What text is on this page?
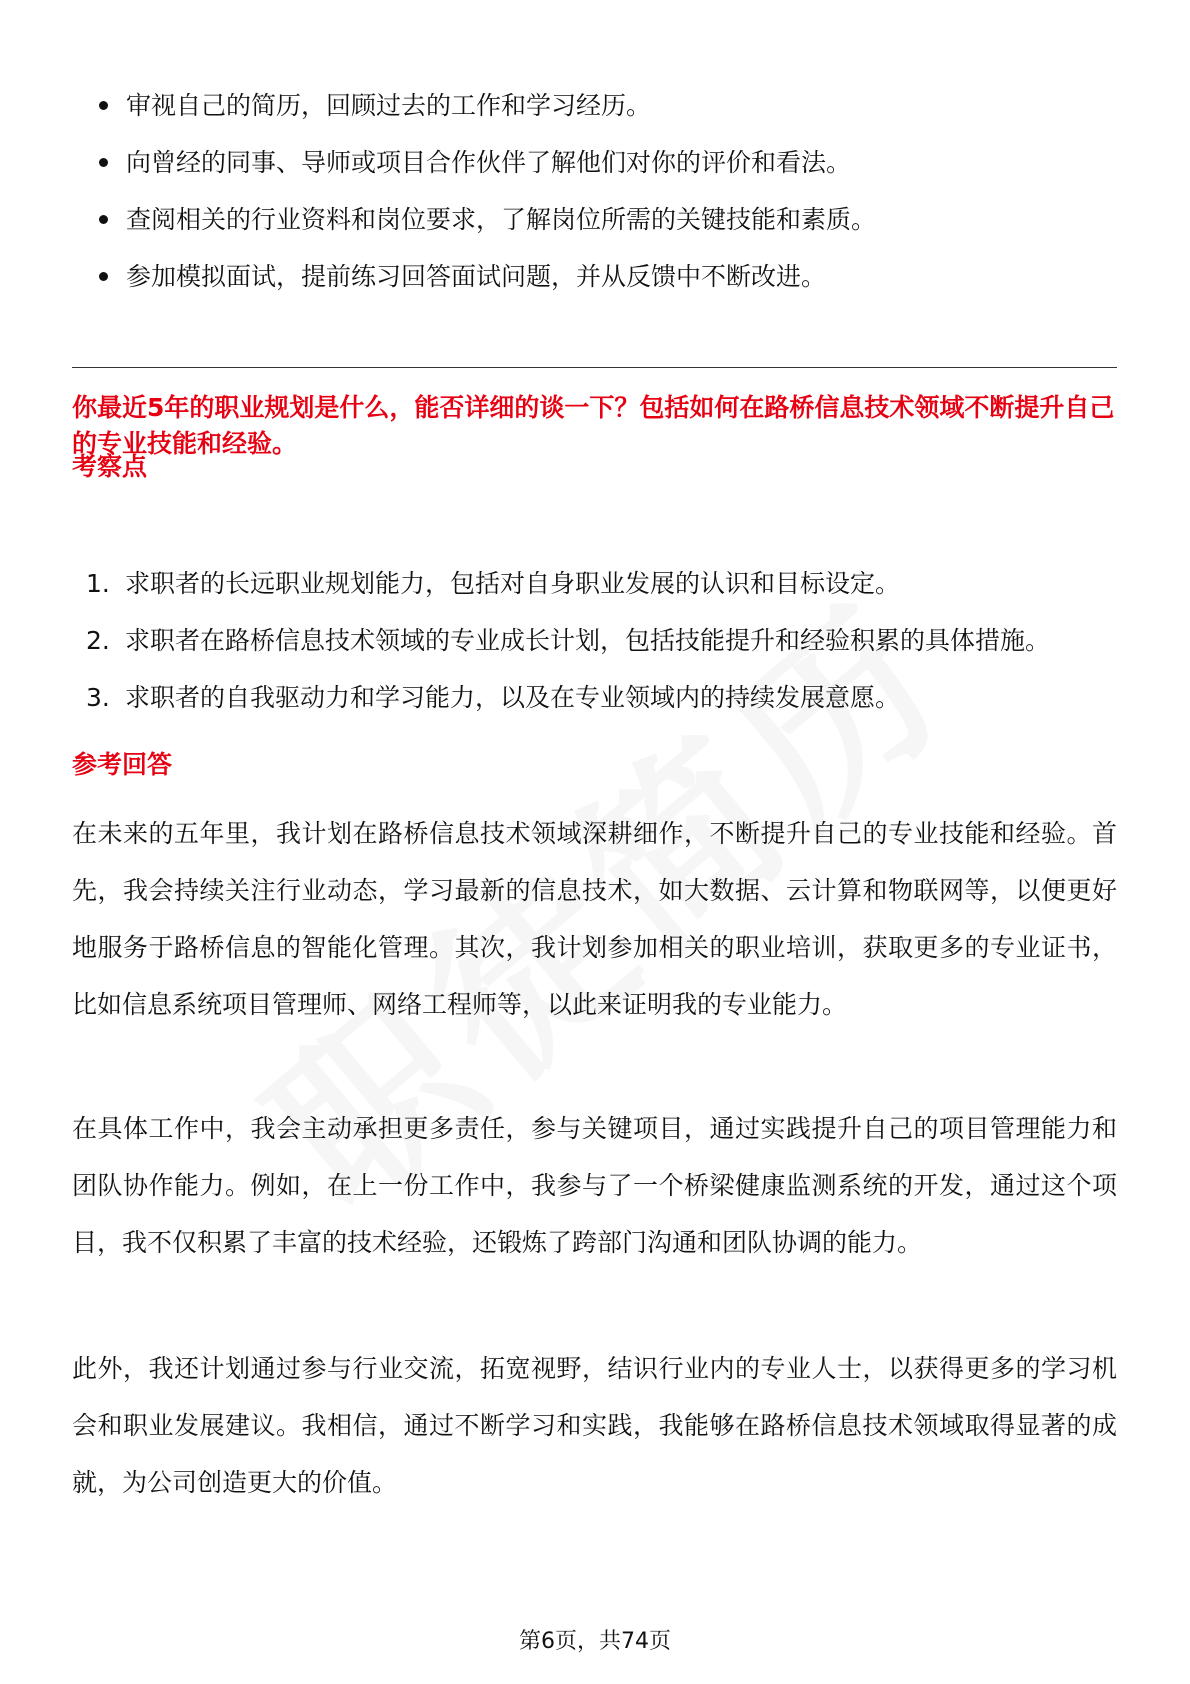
审视自己的简历，回顾过去的工作和学习经历。
向曾经的同事、导师或项目合作伙伴了解他们对你的评价和看法。
查阅相关的行业资料和岗位要求，了解岗位所需的关键技能和素质。
参加模拟面试，提前练习回答面试问题，并从反馈中不断改进。

你最近5年的职业规划是什么，能否详细的谈一下？包括如何在路桥信息技术领域不断提升自己的专业技能和经验。

考察点
1. 求职者的长远职业规划能力，包括对自身职业发展的认识和目标设定。
2. 求职者在路桥信息技术领域的专业成长计划，包括技能提升和经验积累的具体措施。
3. 求职者的自我驱动力和学习能力，以及在专业领域内的持续发展意愿。
参考回答

在未来的五年里，我计划在路桥信息技术领域深耕细作，不断提升自己的专业技能和经验。首先，我会持续关注行业动态，学习最新的信息技术，如大数据、云计算和物联网等，以便更好地服务于路桥信息的智能化管理。其次，我计划参加相关的职业培训，获取更多的专业证书，比如信息系统项目管理师、网络工程师等，以此来证明我的专业能力。

在具体工作中，我会主动承担更多责任，参与关键项目，通过实践提升自己的项目管理能力和团队协作能力。例如，在上一份工作中，我参与了一个桥梁健康监测系统的开发，通过这个项目，我不仅积累了丰富的技术经验，还锻炼了跨部门沟通和团队协调的能力。

此外，我还计划通过参与行业交流，拓宽视野，结识行业内的专业人士，以获得更多的学习机会和职业发展建议。我相信，通过不断学习和实践，我能够在路桥信息技术领域取得显著的成就，为公司创造更大的价值。

第6页，共74页
